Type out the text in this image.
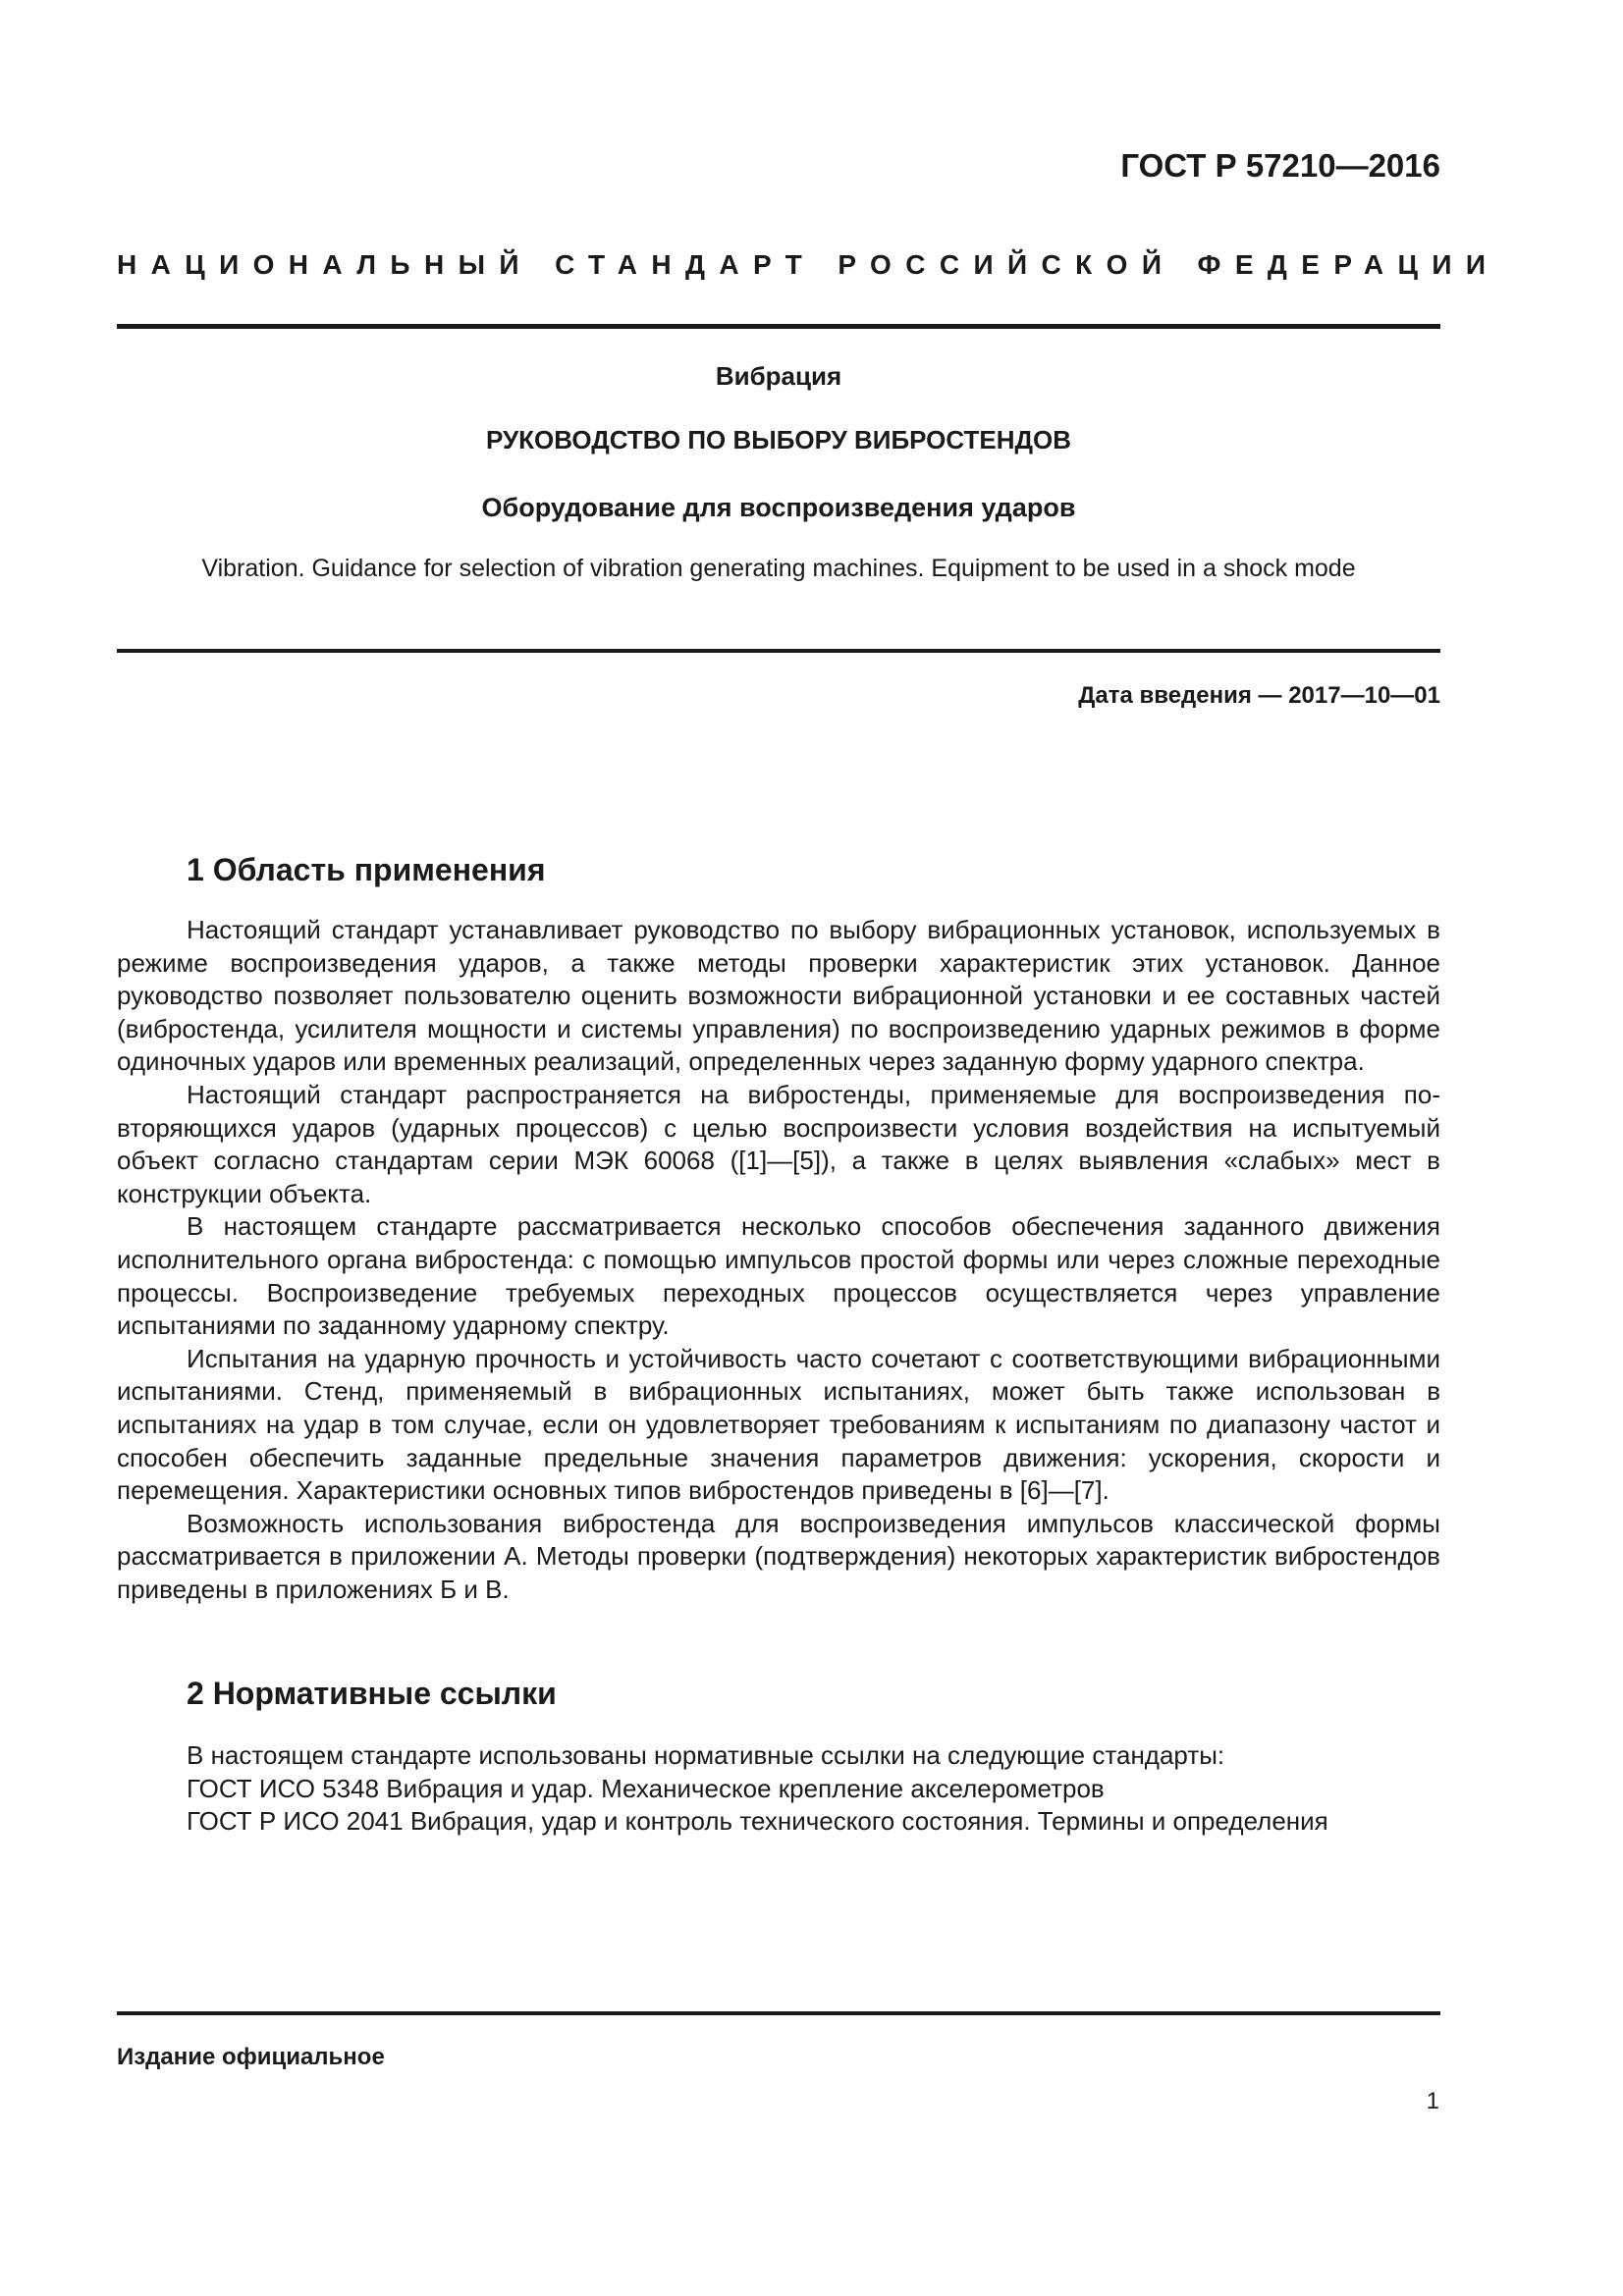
ГОСТ Р 57210—2016
НАЦИОНАЛЬНЫЙ СТАНДАРТ РОССИЙСКОЙ ФЕДЕРАЦИИ
Вибрация
РУКОВОДСТВО ПО ВЫБОРУ ВИБРОСТЕНДОВ
Оборудование для воспроизведения ударов
Vibration. Guidance for selection of vibration generating machines. Equipment to be used in a shock mode
Дата введения — 2017—10—01
1 Область применения

Настоящий стандарт устанавливает руководство по выбору вибрационных установок, используемых в режиме воспроизведения ударов, а также методы проверки характеристик этих установок. Данное руководство позволяет пользователю оценить возможности вибрационной установки и ее составных частей (вибростенда, усилителя мощности и системы управления) по воспроизведению ударных режимов в форме одиночных ударов или временных реализаций, определенных через заданную форму ударного спектра.

Настоящий стандарт распространяется на вибростенды, применяемые для воспроизведения повторяющихся ударов (ударных процессов) с целью воспроизвести условия воздействия на испытуемый объект согласно стандартам серии МЭК 60068 ([1]—[5]), а также в целях выявления «слабых» мест в конструкции объекта.

В настоящем стандарте рассматривается несколько способов обеспечения заданного движения исполнительного органа вибростенда: с помощью импульсов простой формы или через сложные переходные процессы. Воспроизведение требуемых переходных процессов осуществляется через управление испытаниями по заданному ударному спектру.

Испытания на ударную прочность и устойчивость часто сочетают с соответствующими вибрационными испытаниями. Стенд, применяемый в вибрационных испытаниях, может быть также использован в испытаниях на удар в том случае, если он удовлетворяет требованиям к испытаниям по диапазону частот и способен обеспечить заданные предельные значения параметров движения: ускорения, скорости и перемещения. Характеристики основных типов вибростендов приведены в [6]—[7].

Возможность использования вибростенда для воспроизведения импульсов классической формы рассматривается в приложении А. Методы проверки (подтверждения) некоторых характеристик вибростендов приведены в приложениях Б и В.

2 Нормативные ссылки
В настоящем стандарте использованы нормативные ссылки на следующие стандарты:
ГОСТ ИСО 5348 Вибрация и удар. Механическое крепление акселерометров
ГОСТ Р ИСО 2041 Вибрация, удар и контроль технического состояния. Термины и определения
Издание официальное
1
